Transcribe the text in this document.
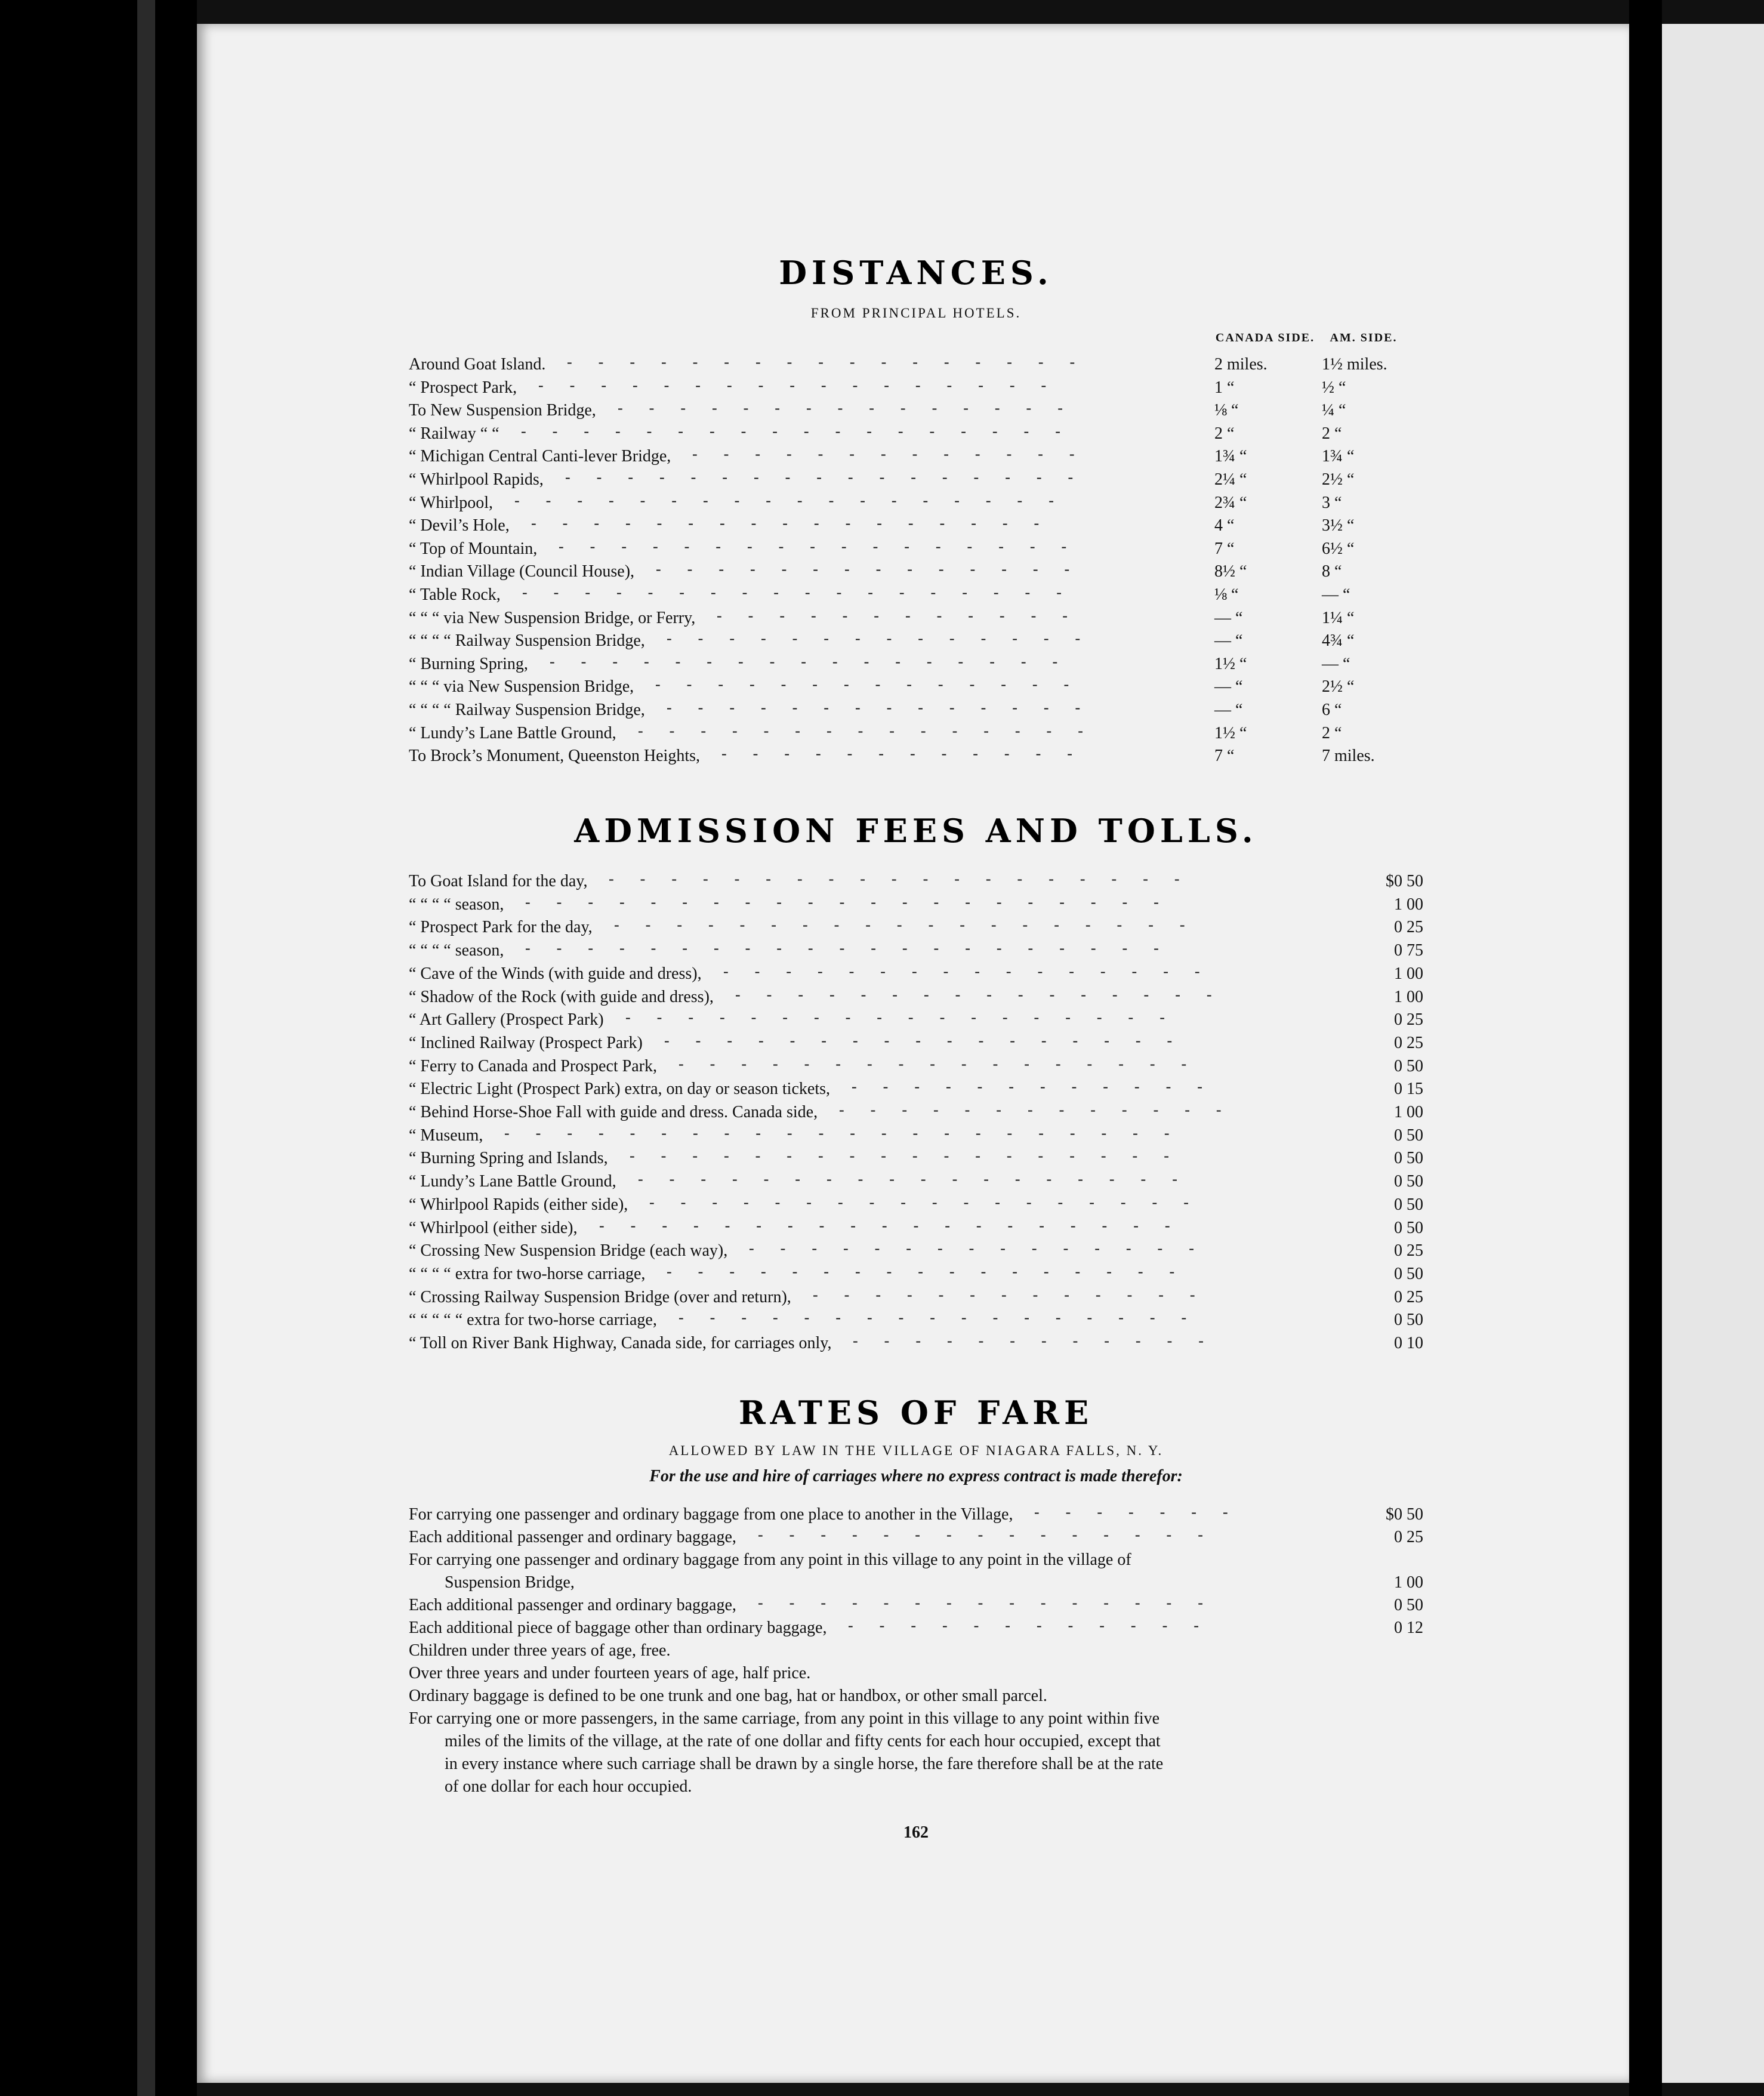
DISTANCES.
FROM PRINCIPAL HOTELS.
CANADA SIDE.	AM. SIDE.
Around Goat Island. -----------------	2 miles.	1½ miles.
“ Prospect Park, -----------------	1 “	½ “
To New Suspension Bridge, ---------------	⅛ “	¼ “
“ Railway “ “ ------------------	2 “	2 “
“ Michigan Central Canti-lever Bridge, -------------	1¾ “	1¾ “
“ Whirlpool Rapids, -----------------	2¼ “	2½ “
“ Whirlpool, ------------------	2¾ “	3 “
“ Devil’s Hole, -----------------	4 “	3½ “
“ Top of Mountain, -----------------	7 “	6½ “
“ Indian Village (Council House), --------------	8½ “	8 “
“ Table Rock, ------------------	⅛ “	— “
“ “ “ via New Suspension Bridge, or Ferry, ------------	— “	1¼ “
“ “ “ “ Railway Suspension Bridge, --------------	— “	4¾ “
“ Burning Spring, -----------------	1½ “	— “
“ “ “ via New Suspension Bridge, --------------	— “	2½ “
“ “ “ “ Railway Suspension Bridge, --------------	— “	6 “
“ Lundy’s Lane Battle Ground, ---------------	1½ “	2 “
To Brock’s Monument, Queenston Heights, ------------	7 “	7 miles.
ADMISSION FEES AND TOLLS.
To Goat Island for the day, -------------------	$0 50
“ “ “ “ season, ---------------------	1 00
“ Prospect Park for the day, -------------------	0 25
“ “ “ “ season, ---------------------	0 75
“ Cave of the Winds (with guide and dress), ----------------	1 00
“ Shadow of the Rock (with guide and dress), ----------------	1 00
“ Art Gallery (Prospect Park) ------------------	0 25
“ Inclined Railway (Prospect Park) -----------------	0 25
“ Ferry to Canada and Prospect Park, -----------------	0 50
“ Electric Light (Prospect Park) extra, on day or season tickets, ------------	0 15
“ Behind Horse-Shoe Fall with guide and dress. Canada side, -------------	1 00
“ Museum, ----------------------	0 50
“ Burning Spring and Islands, ------------------	0 50
“ Lundy’s Lane Battle Ground, ------------------	0 50
“ Whirlpool Rapids (either side), ------------------	0 50
“ Whirlpool (either side), -------------------	0 50
“ Crossing New Suspension Bridge (each way), ---------------	0 25
“ “ “ “ extra for two-horse carriage, -----------------	0 50
“ Crossing Railway Suspension Bridge (over and return), -------------	0 25
“ “ “ “ “ extra for two-horse carriage, -----------------	0 50
“ Toll on River Bank Highway, Canada side, for carriages only, ------------	0 10
RATES OF FARE
ALLOWED BY LAW IN THE VILLAGE OF NIAGARA FALLS, N. Y.
For the use and hire of carriages where no express contract is made therefor:
For carrying one passenger and ordinary baggage from one place to another in the Village, -------	$0 50
Each additional passenger and ordinary baggage, ---------------	0 25
For carrying one passenger and ordinary baggage from any point in this village to any point in the village of
Suspension Bridge,	1 00
Each additional passenger and ordinary baggage, ---------------	0 50
Each additional piece of baggage other than ordinary baggage, ------------	0 12
Children under three years of age, free.
Over three years and under fourteen years of age, half price.
Ordinary baggage is defined to be one trunk and one bag, hat or handbox, or other small parcel.
For carrying one or more passengers, in the same carriage, from any point in this village to any point within five
miles of the limits of the village, at the rate of one dollar and fifty cents for each hour occupied, except that
in every instance where such carriage shall be drawn by a single horse, the fare therefore shall be at the rate
of one dollar for each hour occupied.
162
